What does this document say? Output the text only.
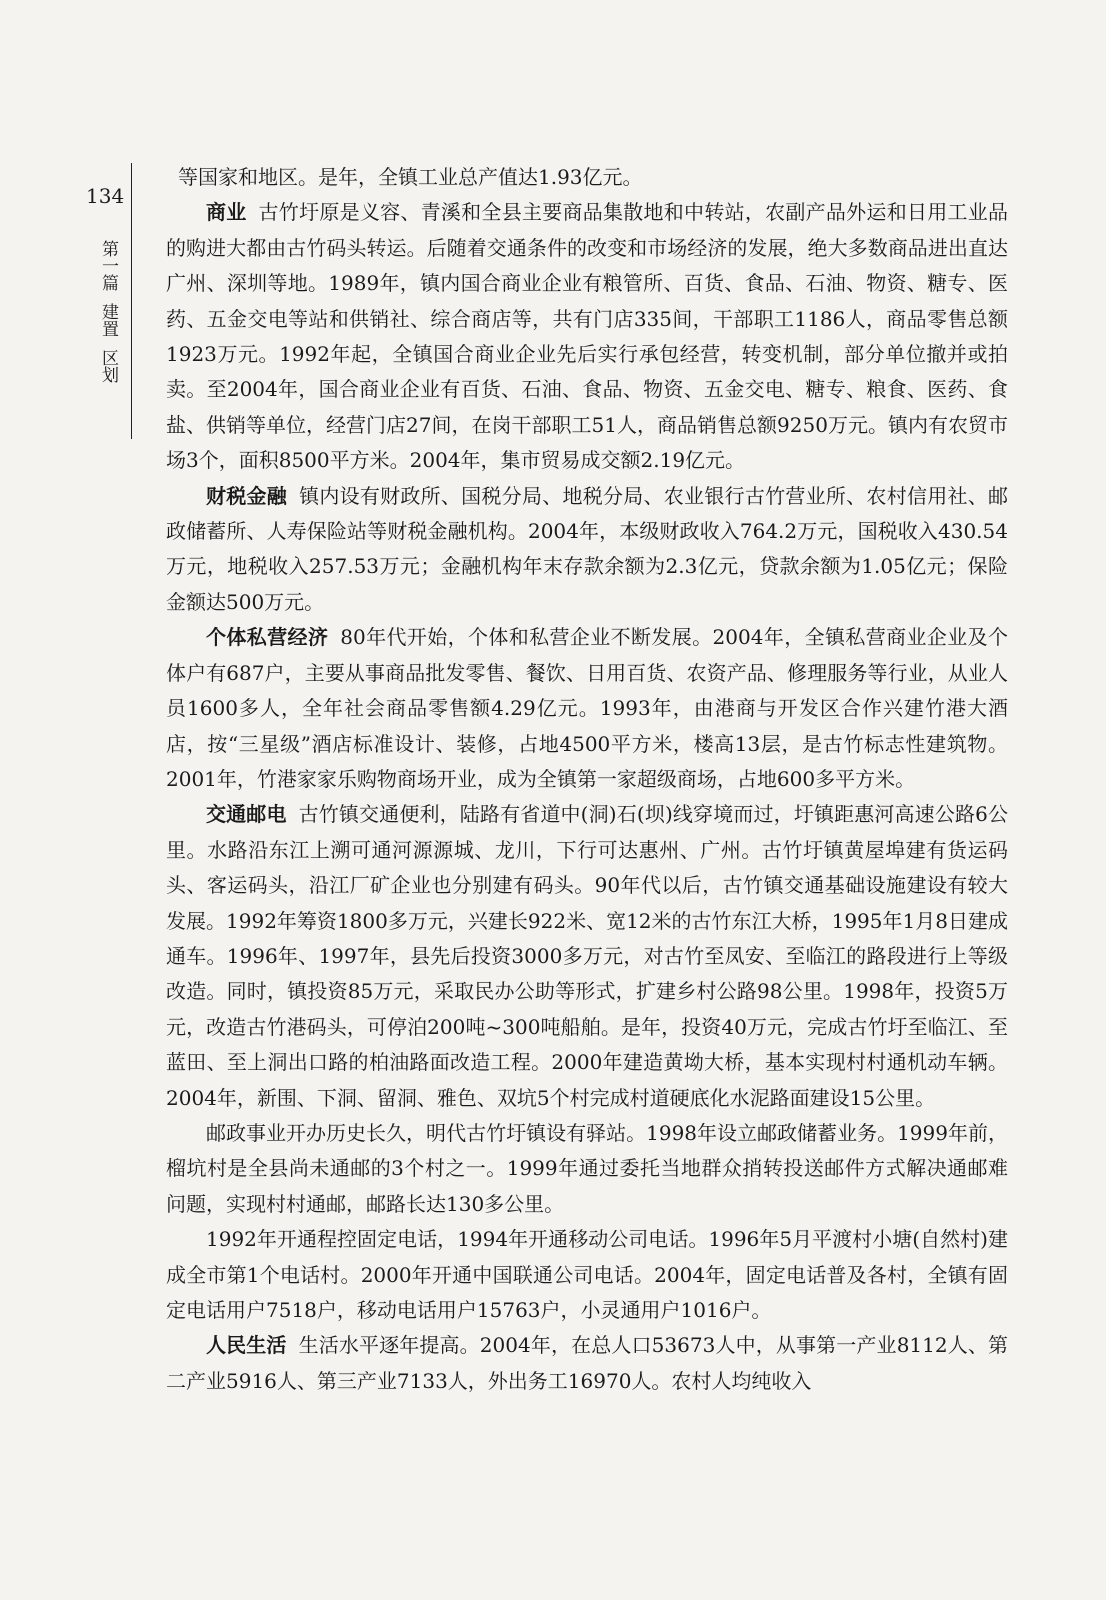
134
第一篇
建置
区划

等国家和地区。是年，全镇工业总产值达1.93亿元。

商业 古竹圩原是义容、青溪和全县主要商品集散地和中转站，农副产品外运和日用工业品的购进大都由古竹码头转运。后随着交通条件的改变和市场经济的发展，绝大多数商品进出直达广州、深圳等地。1989年，镇内国合商业企业有粮管所、百货、食品、石油、物资、糖专、医药、五金交电等站和供销社、综合商店等，共有门店335间，干部职工1186人，商品零售总额1923万元。1992年起，全镇国合商业企业先后实行承包经营，转变机制，部分单位撤并或拍卖。至2004年，国合商业企业有百货、石油、食品、物资、五金交电、糖专、粮食、医药、食盐、供销等单位，经营门店27间，在岗干部职工51人，商品销售总额9250万元。镇内有农贸市场3个，面积8500平方米。2004年，集市贸易成交额2.19亿元。

财税金融 镇内设有财政所、国税分局、地税分局、农业银行古竹营业所、农村信用社、邮政储蓄所、人寿保险站等财税金融机构。2004年，本级财政收入764.2万元，国税收入430.54万元，地税收入257.53万元；金融机构年末存款余额为2.3亿元，贷款余额为1.05亿元；保险金额达500万元。

个体私营经济 80年代开始，个体和私营企业不断发展。2004年，全镇私营商业企业及个体户有687户，主要从事商品批发零售、餐饮、日用百货、农资产品、修理服务等行业，从业人员1600多人，全年社会商品零售额4.29亿元。1993年，由港商与开发区合作兴建竹港大酒店，按“三星级”酒店标准设计、装修，占地4500平方米，楼高13层，是古竹标志性建筑物。2001年，竹港家家乐购物商场开业，成为全镇第一家超级商场，占地600多平方米。

交通邮电 古竹镇交通便利，陆路有省道中(洞)石(坝)线穿境而过，圩镇距惠河高速公路6公里。水路沿东江上溯可通河源源城、龙川，下行可达惠州、广州。古竹圩镇黄屋埠建有货运码头、客运码头，沿江厂矿企业也分别建有码头。90年代以后，古竹镇交通基础设施建设有较大发展。1992年筹资1800多万元，兴建长922米、宽12米的古竹东江大桥，1995年1月8日建成通车。1996年、1997年，县先后投资3000多万元，对古竹至凤安、至临江的路段进行上等级改造。同时，镇投资85万元，采取民办公助等形式，扩建乡村公路98公里。1998年，投资5万元，改造古竹港码头，可停泊200吨~300吨船舶。是年，投资40万元，完成古竹圩至临江、至蓝田、至上洞出口路的柏油路面改造工程。2000年建造黄坳大桥，基本实现村村通机动车辆。2004年，新围、下洞、留洞、雅色、双坑5个村完成村道硬底化水泥路面建设15公里。

邮政事业开办历史长久，明代古竹圩镇设有驿站。1998年设立邮政储蓄业务。1999年前，榴坑村是全县尚未通邮的3个村之一。1999年通过委托当地群众捎转投送邮件方式解决通邮难问题，实现村村通邮，邮路长达130多公里。

1992年开通程控固定电话，1994年开通移动公司电话。1996年5月平渡村小塘(自然村)建成全市第1个电话村。2000年开通中国联通公司电话。2004年，固定电话普及各村，全镇有固定电话用户7518户，移动电话用户15763户，小灵通用户1016户。

人民生活 生活水平逐年提高。2004年，在总人口53673人中，从事第一产业8112人、第二产业5916人、第三产业7133人，外出务工16970人。农村人均纯收入
